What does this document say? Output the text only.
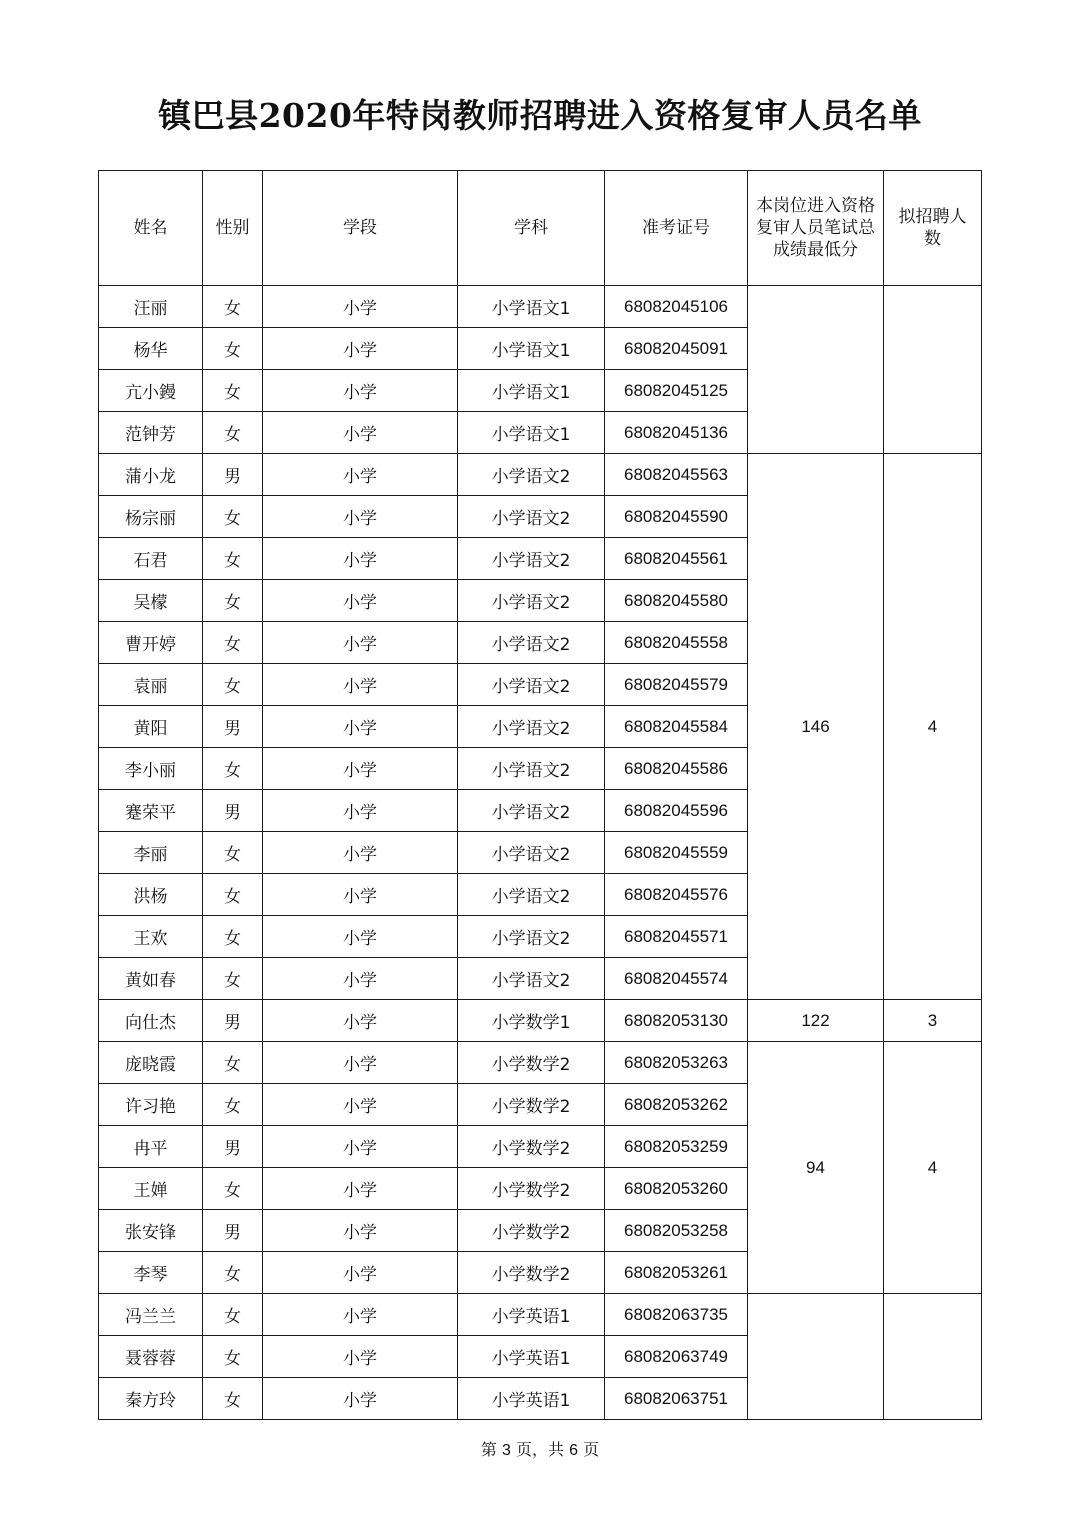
镇巴县2020年特岗教师招聘进入资格复审人员名单
姓名	性别	学段	学科	准考证号	本岗位进入资格复审人员笔试总成绩最低分	拟招聘人数
汪丽	女	小学	小学语文1	68082045106		
杨华	女	小学	小学语文1	68082045091		
亢小鏝	女	小学	小学语文1	68082045125		
范钟芳	女	小学	小学语文1	68082045136		
蒲小龙	男	小学	小学语文2	68082045563	146	4
杨宗丽	女	小学	小学语文2	68082045590		
石君	女	小学	小学语文2	68082045561		
吴檬	女	小学	小学语文2	68082045580		
曹开婷	女	小学	小学语文2	68082045558		
袁丽	女	小学	小学语文2	68082045579		
黄阳	男	小学	小学语文2	68082045584		
李小丽	女	小学	小学语文2	68082045586		
蹇荣平	男	小学	小学语文2	68082045596		
李丽	女	小学	小学语文2	68082045559		
洪杨	女	小学	小学语文2	68082045576		
王欢	女	小学	小学语文2	68082045571		
黄如春	女	小学	小学语文2	68082045574		
向仕杰	男	小学	小学数学1	68082053130	122	3
庞晓霞	女	小学	小学数学2	68082053263	94	4
许习艳	女	小学	小学数学2	68082053262		
冉平	男	小学	小学数学2	68082053259		
王婵	女	小学	小学数学2	68082053260		
张安锋	男	小学	小学数学2	68082053258		
李琴	女	小学	小学数学2	68082053261		
冯兰兰	女	小学	小学英语1	68082063735		
聂蓉蓉	女	小学	小学英语1	68082063749		
秦方玲	女	小学	小学英语1	68082063751		
第 3 页，共 6 页
